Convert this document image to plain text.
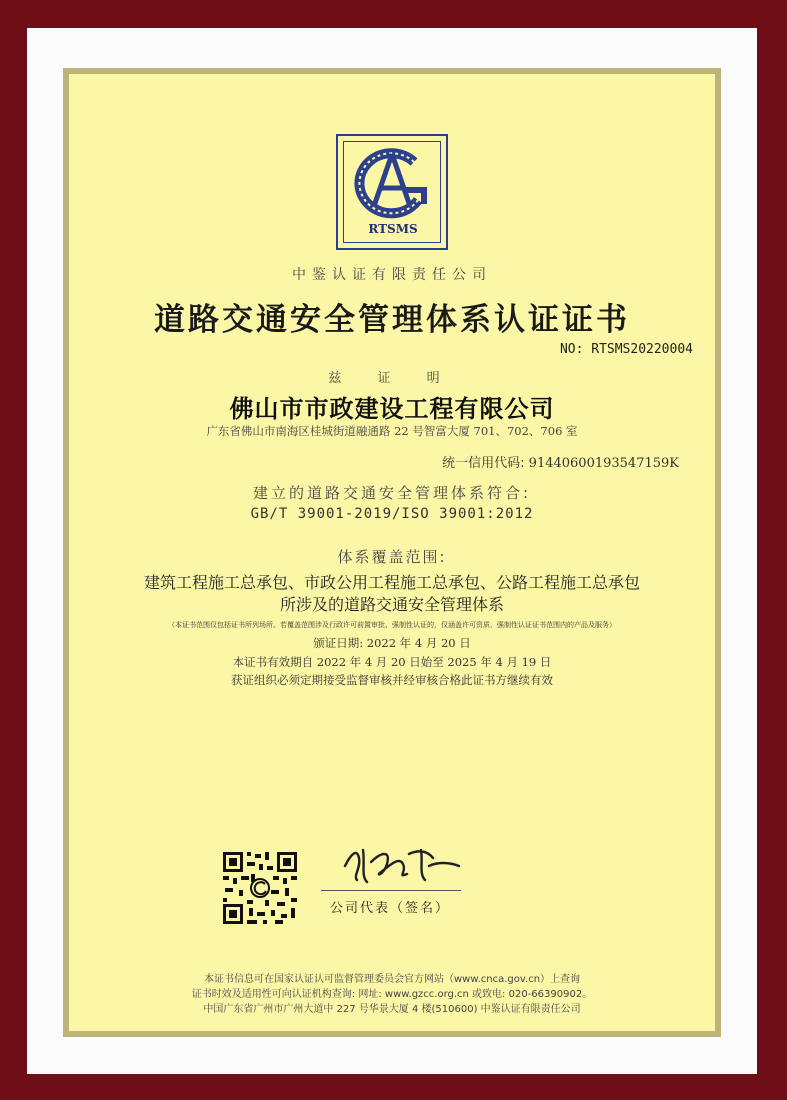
RTSMS
中鉴认证有限责任公司
道路交通安全管理体系认证证书
NO: RTSMS20220004
兹 证 明
佛山市市政建设工程有限公司
广东省佛山市南海区桂城街道融通路 22 号智富大厦 701、702、706 室
统一信用代码: 91440600193547159K
建立的道路交通安全管理体系符合:
GB/T 39001-2019/ISO 39001:2012
体系覆盖范围:
建筑工程施工总承包、市政公用工程施工总承包、公路工程施工总承包
所涉及的道路交通安全管理体系
（本证书范围仅包括证书所列场所。若覆盖范围涉及行政许可前置审批、强制性认证的，仅涵盖许可资质、强制性认证证书范围内的产品及服务）
颁证日期: 2022 年 4 月 20 日
本证书有效期自 2022 年 4 月 20 日始至 2025 年 4 月 19 日
获证组织必须定期接受监督审核并经审核合格此证书方继续有效
公司代表（签名）
本证书信息可在国家认证认可监督管理委员会官方网站（www.cnca.gov.cn）上查询
证书时效及适用性可向认证机构查询: 网址: www.gzcc.org.cn 或致电: 020-66390902。
中国广东省广州市广州大道中 227 号华景大厦 4 楼(510600) 中鉴认证有限责任公司
